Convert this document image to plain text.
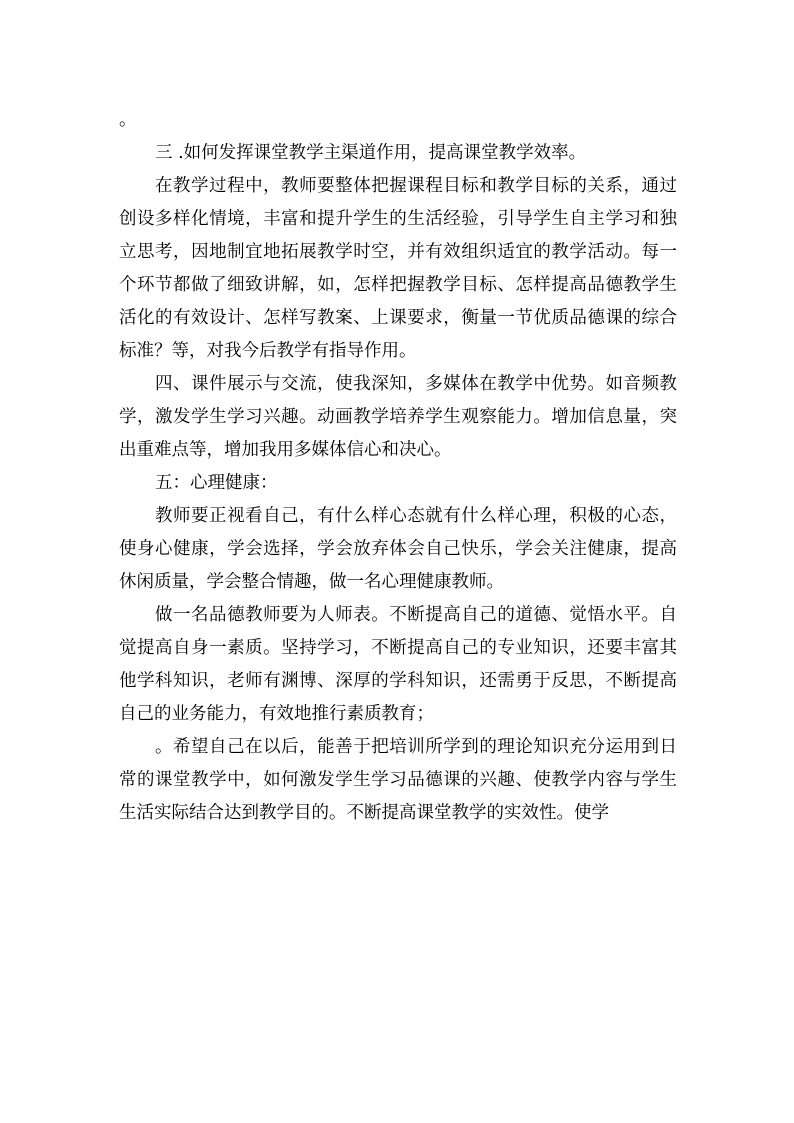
。

三 .如何发挥课堂教学主渠道作用，提高课堂教学效率。

在教学过程中，教师要整体把握课程目标和教学目标的关系，通过创设多样化情境，丰富和提升学生的生活经验，引导学生自主学习和独立思考，因地制宜地拓展教学时空，并有效组织适宜的教学活动。每一个环节都做了细致讲解，如，怎样把握教学目标、怎样提高品德教学生活化的有效设计、怎样写教案、上课要求，衡量一节优质品德课的综合标准？等，对我今后教学有指导作用。

四、课件展示与交流，使我深知，多媒体在教学中优势。如音频教学，激发学生学习兴趣。动画教学培养学生观察能力。增加信息量，突出重难点等，增加我用多媒体信心和决心。

五：心理健康：

教师要正视看自己，有什么样心态就有什么样心理，积极的心态，使身心健康，学会选择，学会放弃体会自己快乐，学会关注健康，提高休闲质量，学会整合情趣，做一名心理健康教师。

做一名品德教师要为人师表。不断提高自己的道德、觉悟水平。自觉提高自身一素质。坚持学习，不断提高自己的专业知识，还要丰富其他学科知识，老师有渊博、深厚的学科知识，还需勇于反思，不断提高自己的业务能力，有效地推行素质教育；

。希望自己在以后，能善于把培训所学到的理论知识充分运用到日常的课堂教学中，如何激发学生学习品德课的兴趣、使教学内容与学生生活实际结合达到教学目的。不断提高课堂教学的实效性。使学
